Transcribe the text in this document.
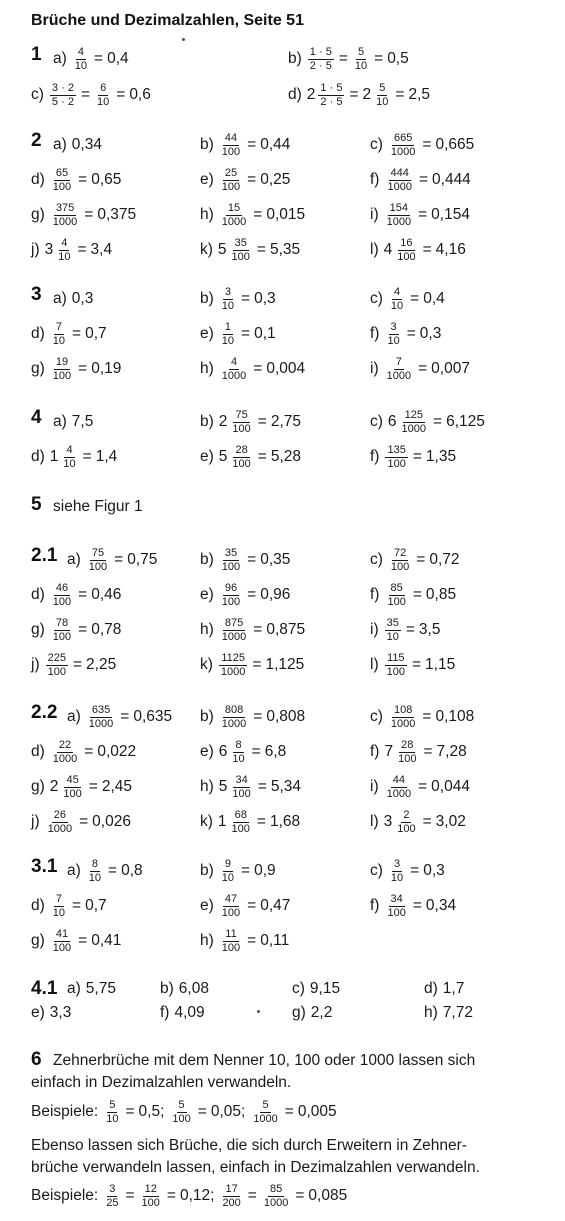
Brüche und Dezimalzahlen, Seite 51
1
2
3
4
5 siehe Figur 1
2.1
2.2
3.1
4.1
6
$a) \frac{4}{10} = 0,4$	$b) \frac{1 \cdot 5}{2 \cdot 5} = \frac{5}{10} = 0,5$
$c) \frac{3 \cdot 2}{5 \cdot 2} = \frac{6}{10} = 0,6$	d) $2 \frac{1 \cdot 5}{2 \cdot 5} = 2 \frac{5}{10} = 2,5$
a) 0,34	$b) \frac{44}{100} = 0,44$	$c) \frac{665}{1000} = 0,665$
$d) \frac{65}{100} = 0,65$	$e) \frac{25}{100} = 0,25$	$f) \frac{444}{1000} = 0,444$
$g) \frac{375}{1000} = 0,375$	$h) \frac{15}{1000} = 0,015$	$i) \frac{154}{1000} = 0,154$
j) $3 \frac{4}{10} = 3,4$	k) $5 \frac{35}{100} = 5,35$	l) $4 \frac{16}{100} = 4,16$
a) 0,3	$b) \frac{3}{10} = 0,3$	$c) \frac{4}{10} = 0,4$
$d) \frac{7}{10} = 0,7$	$e) \frac{1}{10} = 0,1$	$f) \frac{3}{10} = 0,3$
$g) \frac{19}{100} = 0,19$	$h) \frac{4}{1000} = 0,004$	$i) \frac{7}{1000} = 0,007$
a) 7,5	b) $2 \frac{75}{100} = 2,75$	c) $6 \frac{125}{1000} = 6,125$
d) $1 \frac{4}{10} = 1,4$	e) $5 \frac{28}{100} = 5,28$	$f) \frac{135}{100} = 1,35$
$a) \frac{75}{100} = 0,75$	$b) \frac{35}{100} = 0,35$	$c) \frac{72}{100} = 0,72$
$d) \frac{46}{100} = 0,46$	$e) \frac{96}{100} = 0,96$	$f) \frac{85}{100} = 0,85$
$g) \frac{78}{100} = 0,78$	$h) \frac{875}{1000} = 0,875$	$i) \frac{35}{10} = 3,5$
$j) \frac{225}{100} = 2,25$	$k) \frac{1125}{1000} = 1,125$	$l) \frac{115}{100} = 1,15$
$a) \frac{635}{1000} = 0,635$ $b) \frac{808}{1000} = 0,808$	$c) \frac{108}{1000} = 0,108$
$d) \frac{22}{1000} = 0,022$	e) $6 \frac{8}{10} = 6,8$	f) $7 \frac{28}{100} = 7,28$
g) $2 \frac{45}{100} = 2,45$	h) $5 \frac{34}{100} = 5,34$	$i) \frac{44}{1000} = 0,044$
$j) \frac{26}{1000} = 0,026$	k) $1 \frac{68}{100} = 1,68$	l) $3 \frac{2}{100} = 3,02$
$a) \frac{8}{10} = 0,8$	$b) \frac{9}{10} = 0,9$	$c) \frac{3}{10} = 0,3$
$d) \frac{7}{10} = 0,7$	$e) \frac{47}{100} = 0,47$	$f) \frac{34}{100} = 0,34$
$g) \frac{41}{100} = 0,41$	$h) \frac{11}{100} = 0,11$
a) 5,75	b) 6,08	c) 9,15	d) 1,7
e) 3,3	f) 4,09	g) 2,2	h) 7,72
Zehnerbrüche mit dem Nenner 10, 100 oder 1000 lassen sich
einfach in Dezimalzahlen verwandeln.
Beispiele: $\frac{5}{10} = 0,5$ ; $\frac{5}{100} = 0,05$ ; $\frac{5}{1000} = 0,005$
Ebenso lassen sich Brüche, die sich durch Erweitern in Zehner-
brüche verwandeln lassen, einfach in Dezimalzahlen verwandeln.
Beispiele: $\frac{3}{25} = \frac{12}{100} = 0,12$ ; $\frac{17}{200} = \frac{85}{1000} = 0,085$
